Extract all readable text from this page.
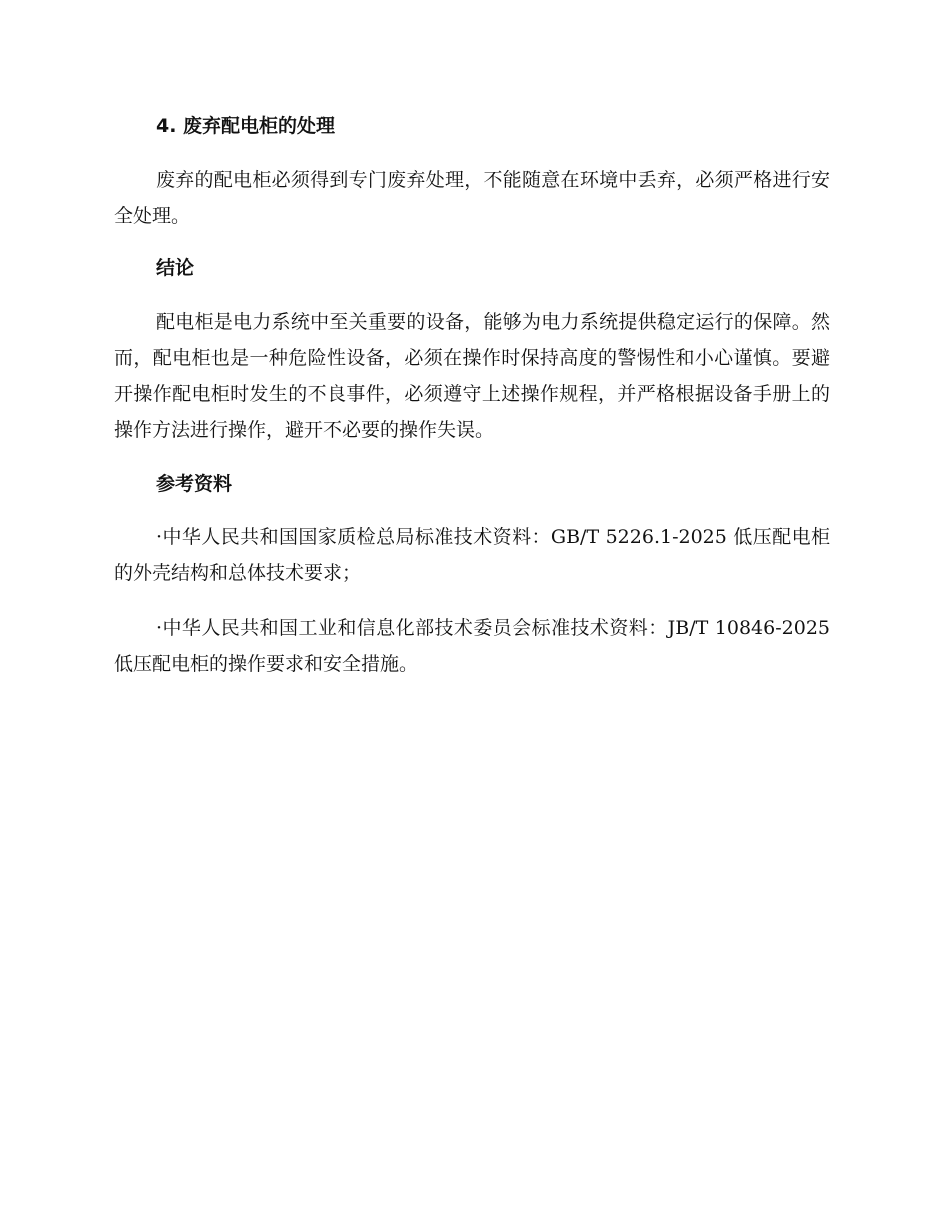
4. 废弃配电柜的处理

废弃的配电柜必须得到专门废弃处理，不能随意在环境中丢弃，必须严格进行安全处理。

结论

配电柜是电力系统中至关重要的设备，能够为电力系统提供稳定运行的保障。然而，配电柜也是一种危险性设备，必须在操作时保持高度的警惕性和小心谨慎。要避开操作配电柜时发生的不良事件，必须遵守上述操作规程，并严格根据设备手册上的操作方法进行操作，避开不必要的操作失误。

参考资料

·中华人民共和国国家质检总局标准技术资料：GB/T 5226.1-2025 低压配电柜的外壳结构和总体技术要求；

·中华人民共和国工业和信息化部技术委员会标准技术资料：JB/T 10846-2025 低压配电柜的操作要求和安全措施。
